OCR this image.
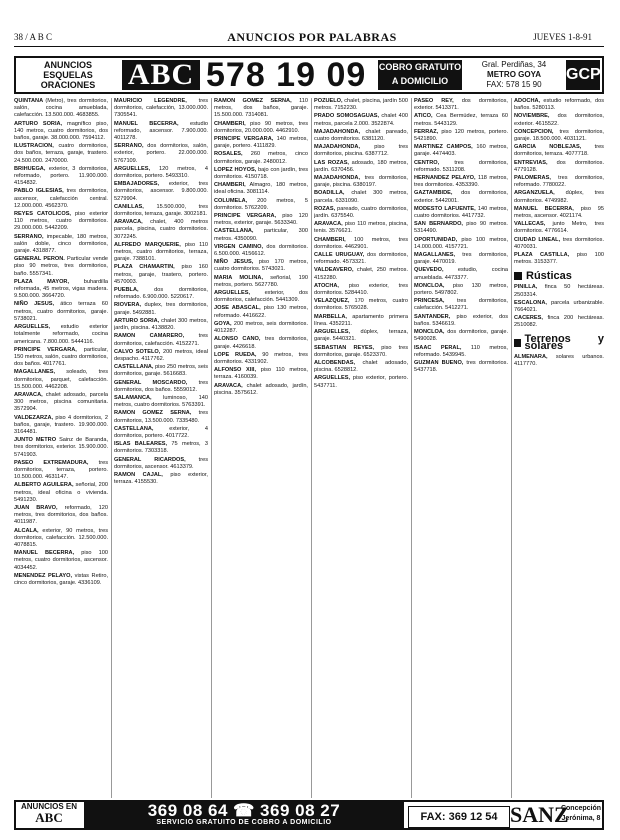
38 / A B C	ANUNCIOS POR PALABRAS	JUEVES 1-8-91
ANUNCIOS
ESQUELAS
ORACIONES	ABC 578 19 09	COBRO GRATUITO
A DOMICILIO
Gral. Perdiñas, 34
METRO GOYA
FAX: 578 15 90
GCP

QUINTANA (Metro), tres dormitorios, salón, cocina amueblada, calefacción. 13.500.000. 4683855.

ARTURO SORIA, magnífico piso, 140 metros, cuatro dormitorios, dos baños, garaje. 38.000.000. 7594112.

ILUSTRACION, cuatro dormitorios, dos baños, terraza, garaje, trastero. 24.500.000. 2470000.

BRIHUEGA, exterior, 3 dormitorios, reformado, portero. 11.900.000. 4154832.

PABLO IGLESIAS, tres dormitorios, ascensor, calefacción central. 12.000.000. 4562370.

REYES CATOLICOS, piso exterior 110 metros, cuatro dormitorios. 29.000.000. 5442209.

SERRANO, impecable, 180 metros, salón doble, cinco dormitorios, garaje. 4318877.

GENERAL PERON. Particular vende piso 90 metros, tres dormitorios, baño. 5557341.

PLAZA MAYOR,	buhardilla reformada, 45 metros, vigas madera. 9.500.000. 3664720.

NIÑO JESUS, ático terraza 60 metros, cuatro dormitorios, garaje. 5738021.

ARGUELLES, estudio exterior totalmente reformado, cocina americana. 7.800.000. 5444116.

PRINCIPE VERGARA, particular, 150 metros, salón, cuatro dormitorios, dos baños. 4017761.

MAGALLANES, soleado, tres dormitorios, parquet, calefacción. 15.500.000. 4462208.

ARAVACA, chalet adosado, parcela 300 metros, piscina comunitaria. 3572904.

VALDEZARZA, piso 4 dormitorios, 2 baños, garaje, trastero. 19.900.000. 3164481.

JUNTO METRO Sainz de Baranda, tres dormitorios, exterior. 15.900.000. 5741903.

PASEO EXTREMADURA, tres dormitorios, terraza, portero. 10.500.000. 4631147.

ALBERTO AGUILERA, señorial, 200 metros, ideal oficina o vivienda. 5491230.

JUAN BRAVO, reformado, 120 metros, tres dormitorios, dos baños. 4011987.

ALCALA, exterior, 90 metros, tres dormitorios, calefacción. 12.500.000. 4078815.

MANUEL BECERRA, piso 100 metros, cuatro dormitorios, ascensor. 4034452.

MENENDEZ PELAYO, vistas Retiro, cinco dormitorios, garaje. 4336109.

MAURICIO LEGENDRE, tres dormitorios, calefacción, 13.000.000. 7305541.

MANUEL BECERRA, estudio reformado, ascensor. 7.900.000. 4011278.

SERRANO, dos dormitorios, salón, exterior, portero. 22.000.000. 5767109.

ARGUELLES, 120 metros, 4 dormitorios, portero. 5493310.

EMBAJADORES, exterior, tres dormitorios, ascensor. 9.800.000. 5279904.

CANILLAS, 15.500.000, tres dormitorios, terraza, garaje. 3002181.

ARAVACA, chalet, 400 metros parcela, piscina, cuatro dormitorios. 3072245.

ALFREDO MARQUERIE, piso 110 metros, cuatro dormitorios, terraza, garaje. 7388101.

PLAZA CHAMARTIN, piso 160 metros, garaje, trastero, portero. 4570003.

PUEBLA,	dos dormitorios, reformado. 6.900.000. 5220617.

RIOVERA, duplex, tres dormitorios, garaje. 5492881.

ARTURO SORIA, chalet 300 metros, jardín, piscina. 4138820.

RAMON CAMARERO,	tres dormitorios, calefacción. 4152271.

CALVO SOTELO, 200 metros, ideal despacho. 4117762.

CASTELLANA, piso 250 metros, seis dormitorios, garaje. 5616683.

GENERAL MOSCARDO, tres dormitorios, dos baños. 5559012.

SALAMANCA, luminoso, 140 metros, cuatro dormitorios. 5763391.

RAMON GOMEZ SERNA, tres dormitorios, 13.500.000. 7335480.

CASTELLANA,	exterior, 4 dormitorios, portero. 4017722.

ISLAS BALEARES, 75 metros, 3 dormitorios. 7303318.

GENERAL RICARDOS, tres dormitorios, ascensor. 4613379.

RAMON CAJAL, piso exterior, terraza. 4155530.

RAMON GOMEZ SERNA, 110 metros, dos baños, garaje. 15.500.000. 7314081.

CHAMBERI, piso 90 metros, tres dormitorios, 20.000.000. 4462910.

PRINCIPE VERGARA, 140 metros, garaje, portero. 4111829.

ROSALES, 260 metros, cinco dormitorios, garaje. 2480012.

LOPEZ HOYOS, bajo con jardín, tres dormitorios. 4150718.

CHAMBERI, Almagro, 180 metros, ideal oficina. 3081114.

COLUMELA, 200 metros, 5 dormitorios. 5762209.

PRINCIPE VERGARA, piso 120 metros, exterior, garaje. 5633340.

CASTELLANA, particular, 300 metros. 4350090.

VIRGEN CAMINO, dos dormitorios. 6.500.000. 4156612.

NIÑO JESUS, piso 170 metros, cuatro dormitorios. 5743021.

MARIA MOLINA, señorial, 190 metros, portero. 5627780.

ARGUELLES,	exterior, dos dormitorios, calefacción. 5441309.

JOSE ABASCAL, piso 130 metros, reformado. 4416622.

GOYA, 200 metros, seis dormitorios. 4012287.

ALONSO CANO, tres dormitorios, garaje. 4426618.

LOPE RUEDA, 90 metros, tres dormitorios. 4331902.

ALFONSO XIII, piso 110 metros, terraza. 4160039.

ARAVACA, chalet adosado, jardín, piscina. 3575612.

POZUELO, chalet, piscina, jardín 500 metros. 7152230.

PRADO SOMOSAGUAS, chalet 400 metros, parcela 2.000. 3522874.

MAJADAHONDA, chalet pareado, cuatro dormitorios. 6381120.

MAJADAHONDA,	piso tres dormitorios, piscina. 6387712.

LAS ROZAS, adosado, 180 metros, jardín. 6370456.

MAJADAHONDA, tres dormitorios, garaje, piscina. 6380197.

BOADILLA, chalet 300 metros, parcela. 6331090.

ROZAS, pareado, cuatro dormitorios, jardín. 6375540.

ARAVACA, piso 110 metros, piscina, tenis. 3576621.

CHAMBERI, 100 metros, tres dormitorios. 4462901.

CALLE URUGUAY, dos dormitorios, reformado. 4573321.

VALDEAVERO, chalet, 250 metros. 4152280.

ATOCHA, piso exterior, tres dormitorios. 5284410.

VELAZQUEZ, 170 metros, cuatro dormitorios. 5765028.

MARBELLA, apartamento primera línea. 4352211.

ARGUELLES, dúplex, terraza, garaje. 5440321.

SEBASTIAN REYES, piso tres dormitorios, garaje. 6523370.

ALCOBENDAS, chalet adosado, piscina. 6528812.

ARGUELLES, piso exterior, portero. 5437711.

PASEO REY, dos dormitorios, exterior. 5413371.

ATICO, Cea Bermúdez, terraza 60 metros. 5443129.

FERRAZ, piso 120 metros, portero. 5421890.

MARTINEZ CAMPOS, 160 metros, garaje. 4474403.

CENTRO,	tres dormitorios, reformado. 5311208.

HERNANDEZ PELAYO, 118 metros, tres dormitorios. 4353390.

GAZTAMBIDE, dos dormitorios, exterior. 5442001.

MODESTO LAFUENTE, 140 metros, cuatro dormitorios. 4417732.

SAN BERNARDO, piso 90 metros. 5314490.

OPORTUNIDAD, piso 100 metros, 14.000.000. 4157721.

MAGALLANES, tres dormitorios, garaje. 4470019.

QUEVEDO,	estudio, cocina amueblada. 4473377.

MONCLOA, piso 130 metros, portero. 5497802.

PRINCESA, tres dormitorios, calefacción. 5412271.

SANTANDER, piso exterior, dos baños. 5346619.

MONCLOA, dos dormitorios, garaje. 5490028.

ISAAC PERAL, 110 metros, reformado. 5439945.

GUZMAN BUENO, tres dormitorios. 5437718.

ADOCHA, estudio reformado, dos baños. 5280113.

NOVIEMBRE, dos dormitorios, exterior. 4615522.

CONCEPCION, tres dormitorios, garaje. 18.500.000. 4031121.

GARCIA NOBLEJAS, tres dormitorios, terraza. 4077718.

ENTREVIAS, dos dormitorios. 4779128.

PALOMERAS, tres dormitorios, reformado. 7780022.

ARGANZUELA, dúplex, tres dormitorios. 4749982.

MANUEL BECERRA, piso 95 metros, ascensor. 4021174.

VALLECAS, junto Metro, tres dormitorios. 4776614.

CIUDAD LINEAL, tres dormitorios. 4070031.

PLAZA CASTILLA, piso 100 metros. 3153377.

Rústicas

PINILLA, finca 50 hectáreas. 2503314.

ESCALONA, parcela urbanizable. 7664021.

CACERES, finca 200 hectáreas. 2510082.

Terrenos y solares

ALMENARA, solares urbanos. 4117770.

ANUNCIOS EN
ABC	369 08 64 ☎ 369 08 27
SERVICIO GRATUITO DE COBRO A DOMICILIO	FAX: 369 12 54 SANZ
Concepción
Jerónima, 8
